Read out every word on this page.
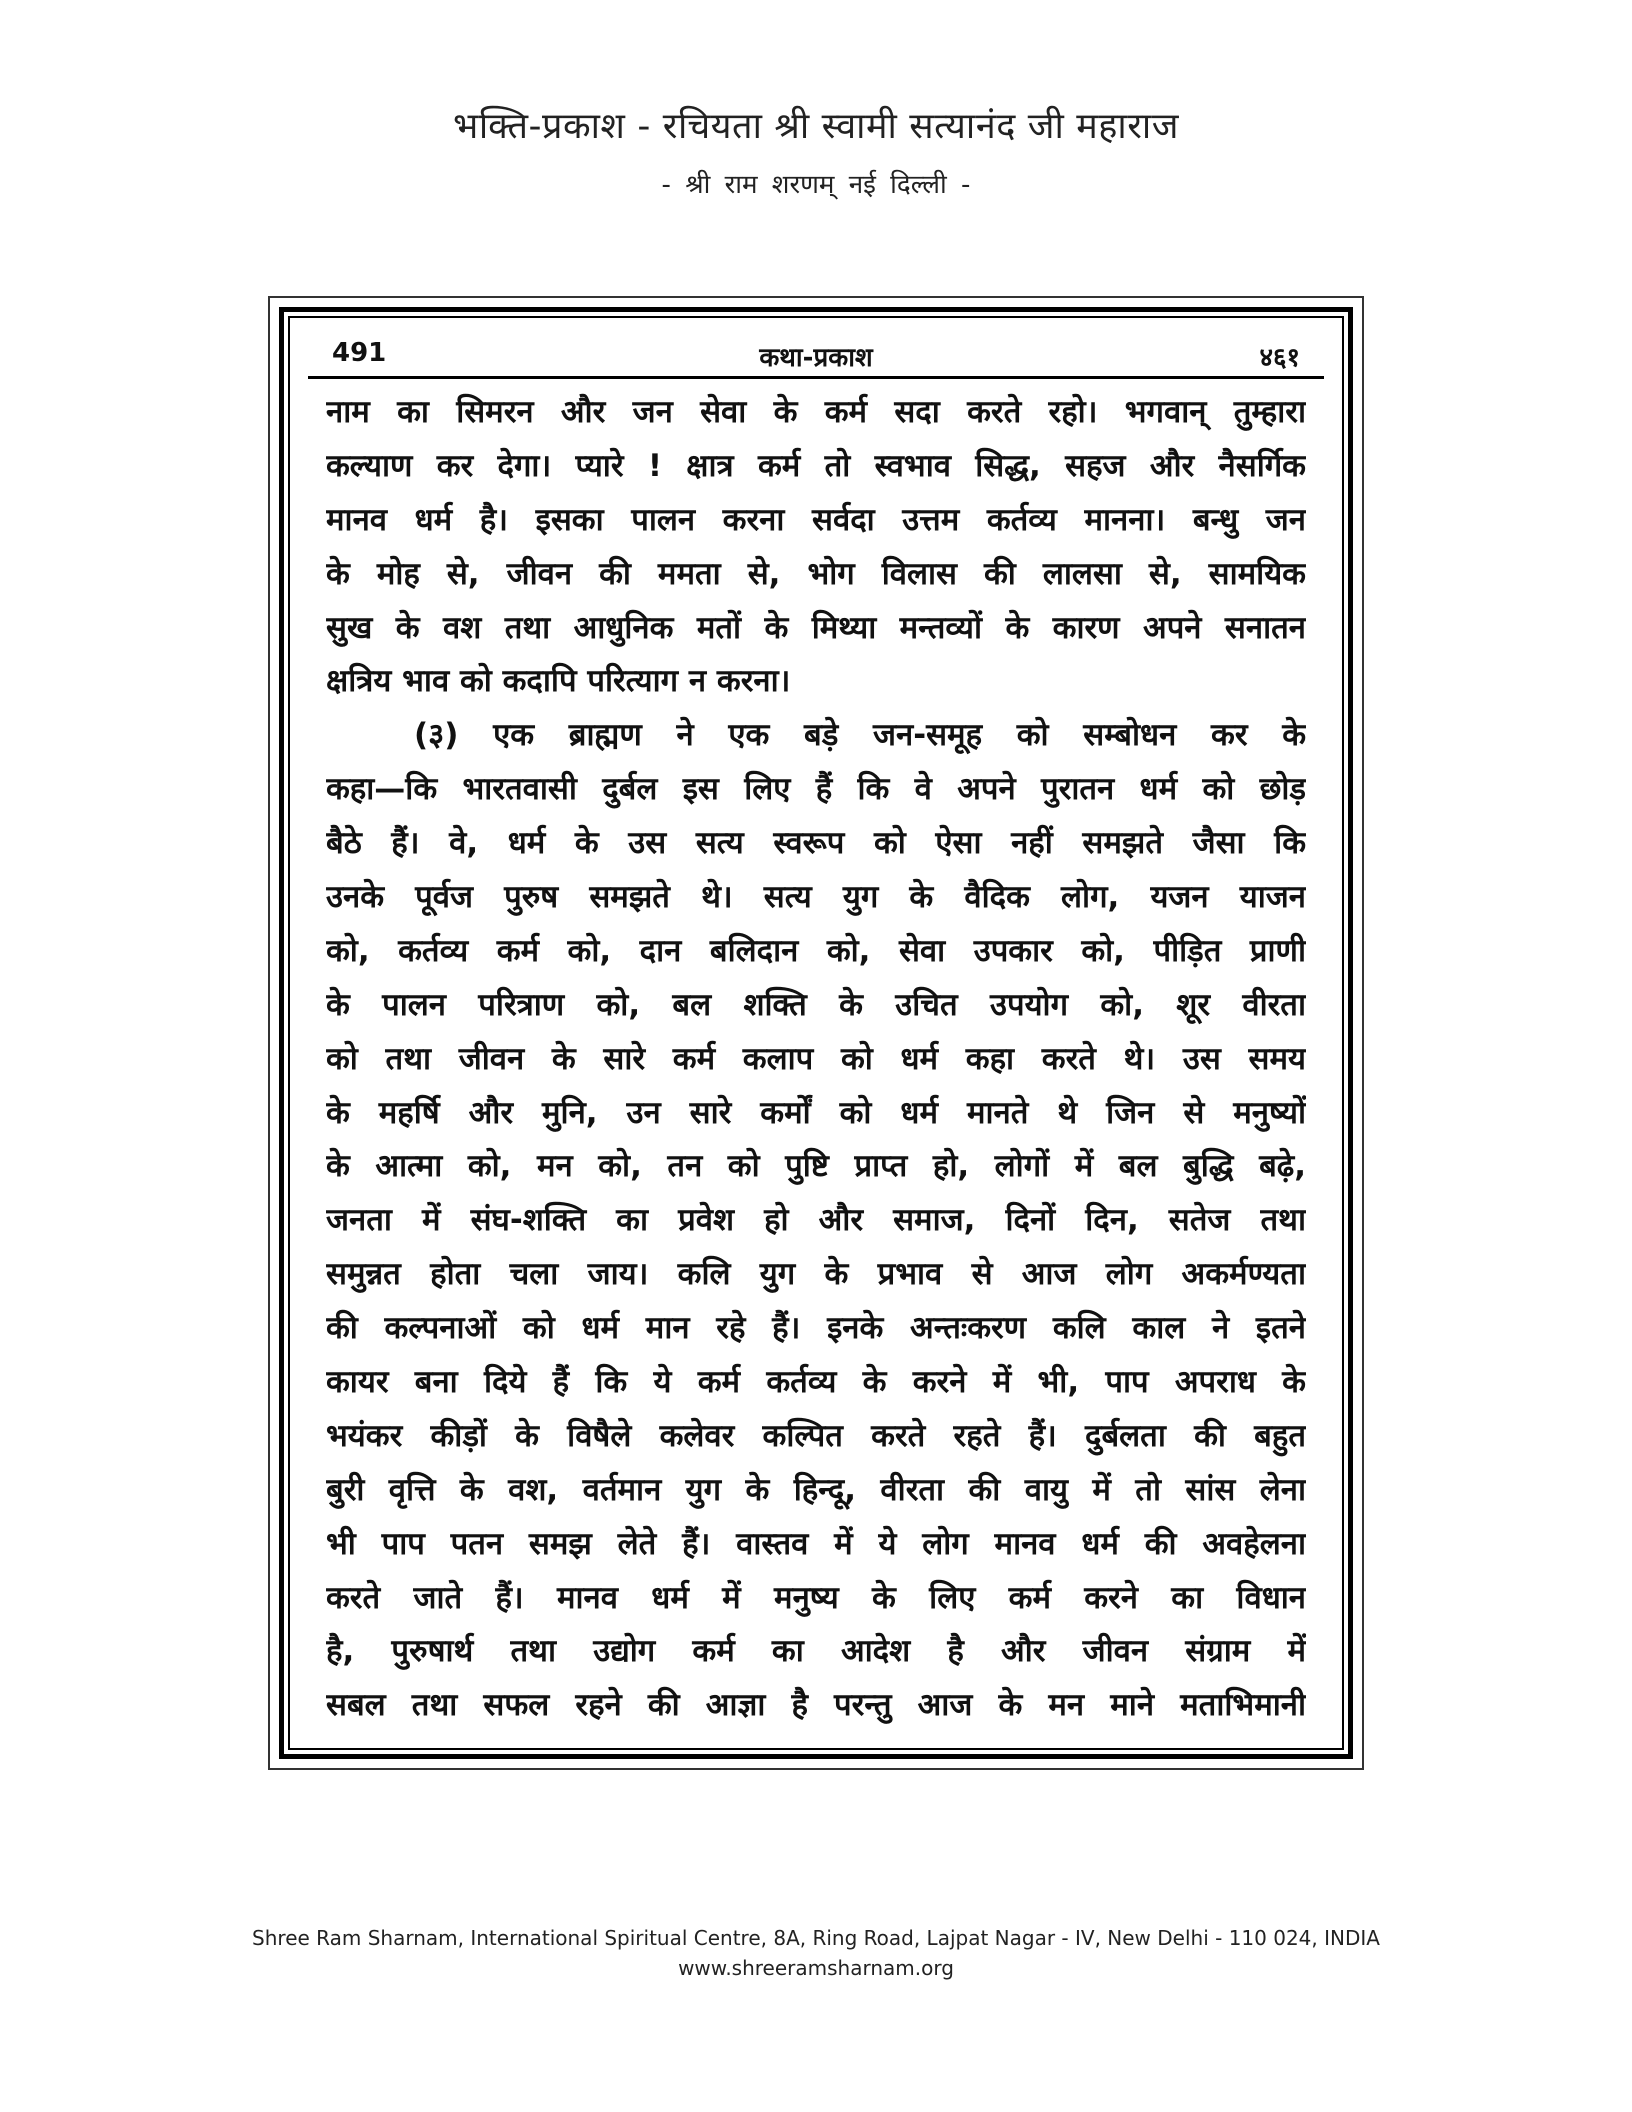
भक्ति-प्रकाश - रचियता श्री स्वामी सत्यानंद जी महाराज
- श्री राम शरणम् नई दिल्ली -
491	कथा-प्रकाश	४६१
नाम का सिमरन और जन सेवा के कर्म सदा करते रहो। भगवान् तुम्हारा
कल्याण कर देगा। प्यारे ! क्षात्र कर्म तो स्वभाव सिद्ध, सहज और नैसर्गिक
मानव धर्म है। इसका पालन करना सर्वदा उत्तम कर्तव्य मानना। बन्धु जन
के मोह से, जीवन की ममता से, भोग विलास की लालसा से, सामयिक
सुख के वश तथा आधुनिक मतों के मिथ्या मन्तव्यों के कारण अपने सनातन
क्षत्रिय भाव को कदापि परित्याग न करना।
(३) एक ब्राह्मण ने एक बड़े जन-समूह को सम्बोधन कर के
कहा—कि भारतवासी दुर्बल इस लिए हैं कि वे अपने पुरातन धर्म को छोड़
बैठे हैं। वे, धर्म के उस सत्य स्वरूप को ऐसा नहीं समझते जैसा कि
उनके पूर्वज पुरुष समझते थे। सत्य युग के वैदिक लोग, यजन याजन
को, कर्तव्य कर्म को, दान बलिदान को, सेवा उपकार को, पीड़ित प्राणी
के पालन परित्राण को, बल शक्ति के उचित उपयोग को, शूर वीरता
को तथा जीवन के सारे कर्म कलाप को धर्म कहा करते थे। उस समय
के महर्षि और मुनि, उन सारे कर्मों को धर्म मानते थे जिन से मनुष्यों
के आत्मा को, मन को, तन को पुष्टि प्राप्त हो, लोगों में बल बुद्धि बढ़े,
जनता में संघ-शक्ति का प्रवेश हो और समाज, दिनों दिन, सतेज तथा
समुन्नत होता चला जाय। कलि युग के प्रभाव से आज लोग अकर्मण्यता
की कल्पनाओं को धर्म मान रहे हैं। इनके अन्तःकरण कलि काल ने इतने
कायर बना दिये हैं कि ये कर्म कर्तव्य के करने में भी, पाप अपराध के
भयंकर कीड़ों के विषैले कलेवर कल्पित करते रहते हैं। दुर्बलता की बहुत
बुरी वृत्ति के वश, वर्तमान युग के हिन्दू, वीरता की वायु में तो सांस लेना
भी पाप पतन समझ लेते हैं। वास्तव में ये लोग मानव धर्म की अवहेलना
करते जाते हैं। मानव धर्म में मनुष्य के लिए कर्म करने का विधान
है, पुरुषार्थ तथा उद्योग कर्म का आदेश है और जीवन संग्राम में
सबल तथा सफल रहने की आज्ञा है परन्तु आज के मन माने मताभिमानी
Shree Ram Sharnam, International Spiritual Centre, 8A, Ring Road, Lajpat Nagar - IV, New Delhi - 110 024, INDIA
www.shreeramsharnam.org
